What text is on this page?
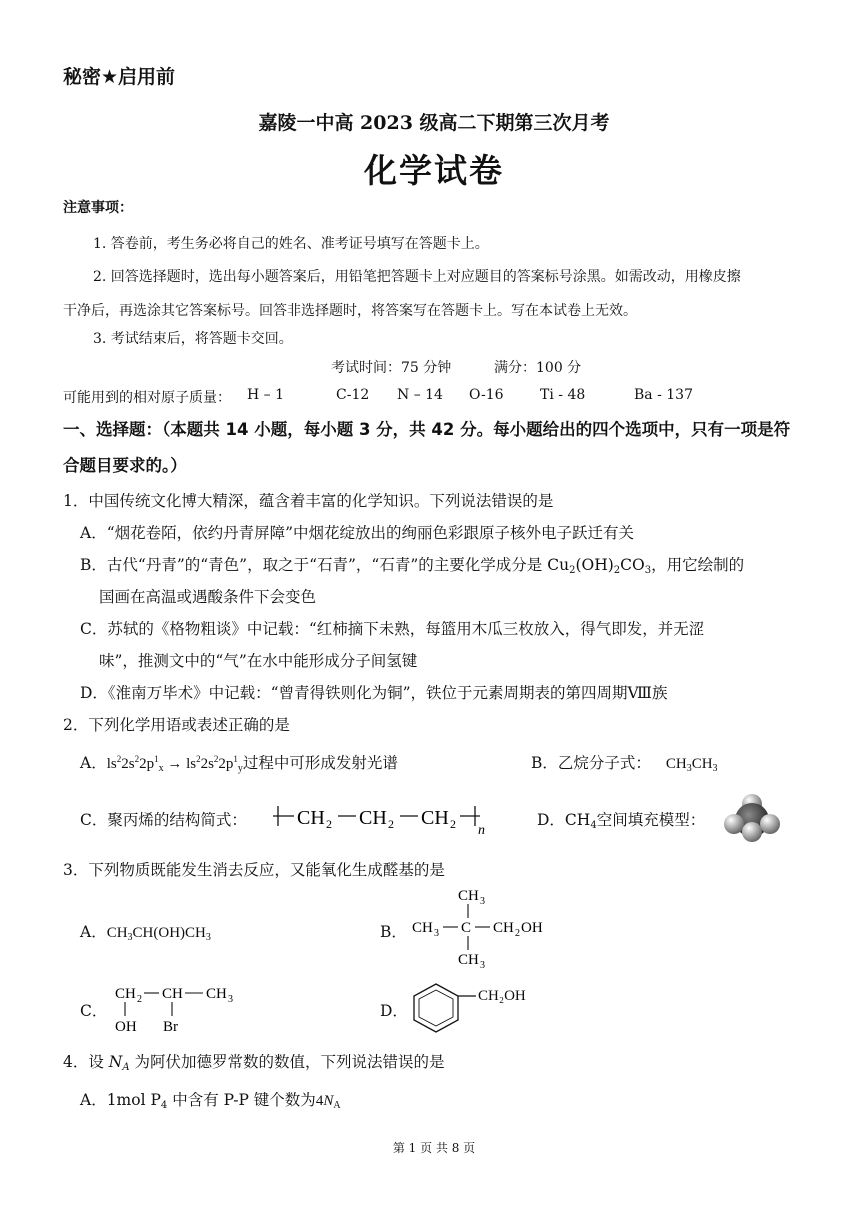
秘密★启用前
嘉陵一中高 2023 级高二下期第三次月考
化学试卷
注意事项：
1. 答卷前，考生务必将自己的姓名、准考证号填写在答题卡上。
2. 回答选择题时，选出每小题答案后，用铅笔把答题卡上对应题目的答案标号涂黑。如需改动，用橡皮擦
干净后，再选涂其它答案标号。回答非选择题时，将答案写在答题卡上。写在本试卷上无效。
3. 考试结束后，将答题卡交回。
考试时间：75 分钟	满分：100 分
可能用到的相对原子质量： H – 1	C-12 N – 14 O-16	Ti - 48	Ba - 137
一、选择题：（本题共 14 小题，每小题 3 分，共 42 分。每小题给出的四个选项中，只有一项是符
合题目要求的。）
1．中国传统文化博大精深，蕴含着丰富的化学知识。下列说法错误的是
A．“烟花卷陌，依约丹青屏障”中烟花绽放出的绚丽色彩跟原子核外电子跃迁有关
B．古代“丹青”的“青色”，取之于“石青”，“石青”的主要化学成分是 $Cu_2(OH)_2CO_3$，用它绘制的
国画在高温或遇酸条件下会变色
C．苏轼的《格物粗谈》中记载：“红柿摘下未熟，每篮用木瓜三枚放入，得气即发，并无涩
味”，推测文中的“气”在水中能形成分子间氢键
D．《淮南万毕术》中记载：“曾青得铁则化为铜”，铁位于元素周期表的第四周期Ⅷ族
2．下列化学用语或表述正确的是
A．$ls^22s^22p^1_x \to ls^22s^22p^1_y$过程中可形成发射光谱	B．乙烷分子式： $CH_3CH_3$
C．聚丙烯的结构简式：	CH 2 CH 2 CH 2 n
D．$CH_4$空间填充模型：
3．下列物质既能发生消去反应，又能氧化生成醛基的是
A．$CH_3CH(OH)CH_3$	B．
CH 3
CH 3 C CH 2 OH
CH 3
C．
CH 2 CH CH 3
OH Br
D．
CH₂OH
4．设 $N_A$ 为阿伏加德罗常数的数值，下列说法错误的是
A．1mol $P_4$ 中含有 P-P 键个数为$4N_A$
第 1 页 共 8 页
